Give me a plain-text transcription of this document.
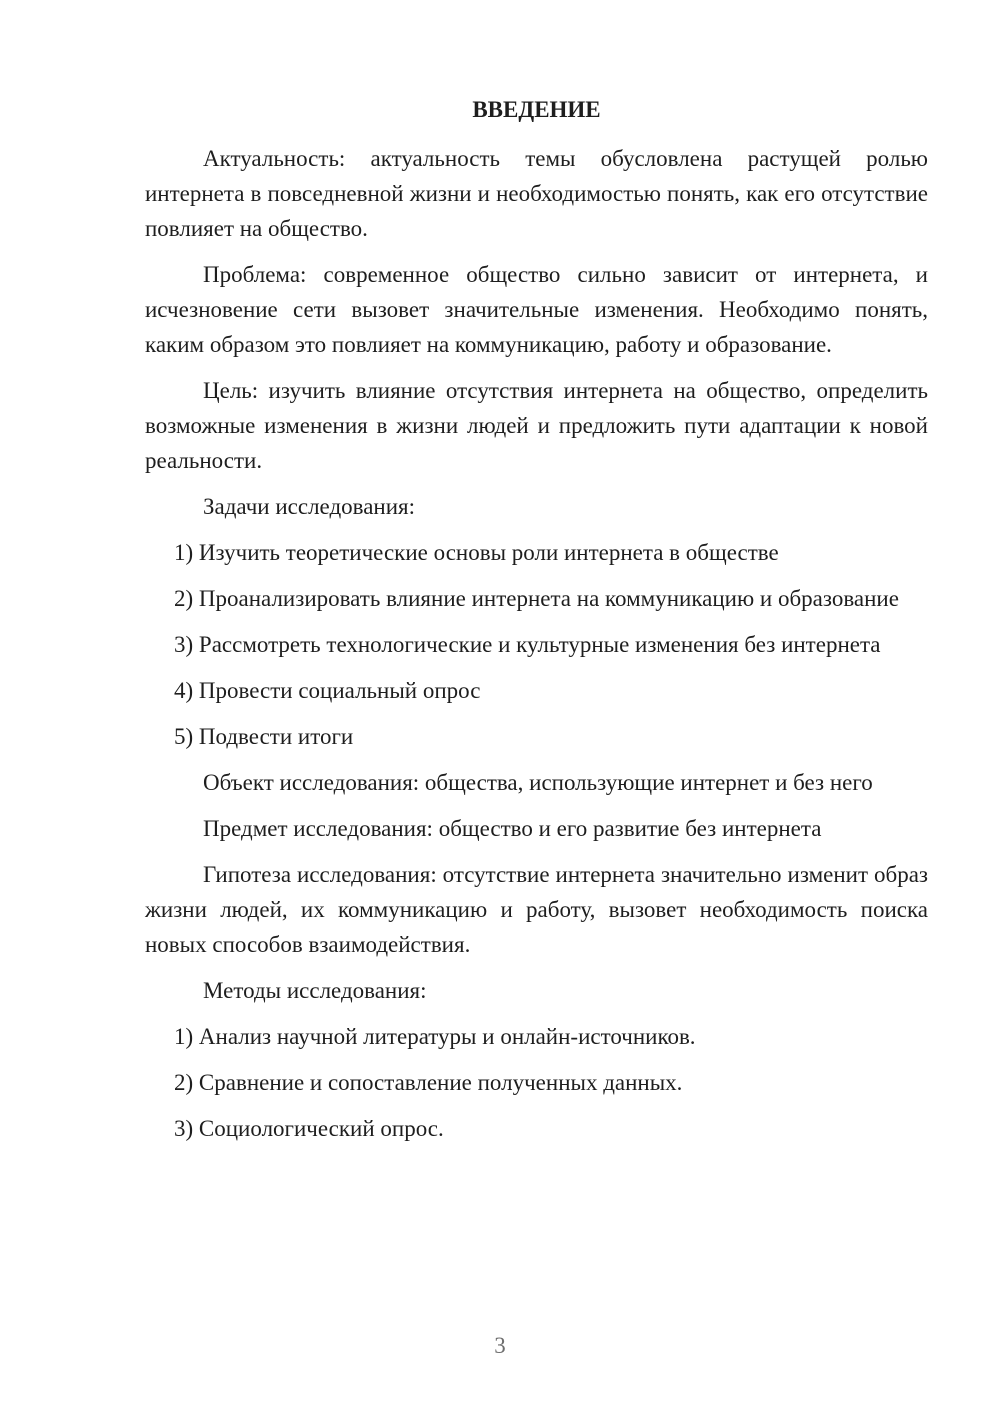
ВВЕДЕНИЕ

Актуальность: актуальность темы обусловлена растущей ролью интернета в повседневной жизни и необходимостью понять, как его отсутствие повлияет на общество.

Проблема: современное общество сильно зависит от интернета, и исчезновение сети вызовет значительные изменения. Необходимо понять, каким образом это повлияет на коммуникацию, работу и образование.

Цель: изучить влияние отсутствия интернета на общество, определить возможные изменения в жизни людей и предложить пути адаптации к новой реальности.

Задачи исследования:

1) Изучить теоретические основы роли интернета в обществе

2) Проанализировать влияние интернета на коммуникацию и образование

3) Рассмотреть технологические и культурные изменения без интернета

4) Провести социальный опрос

5) Подвести итоги

Объект исследования: общества, использующие интернет и без него

Предмет исследования: общество и его развитие без интернета

Гипотеза исследования: отсутствие интернета значительно изменит образ жизни людей, их коммуникацию и работу, вызовет необходимость поиска новых способов взаимодействия.

Методы исследования:

1) Анализ научной литературы и онлайн-источников.

2) Сравнение и сопоставление полученных данных.

3) Социологический опрос.

3
